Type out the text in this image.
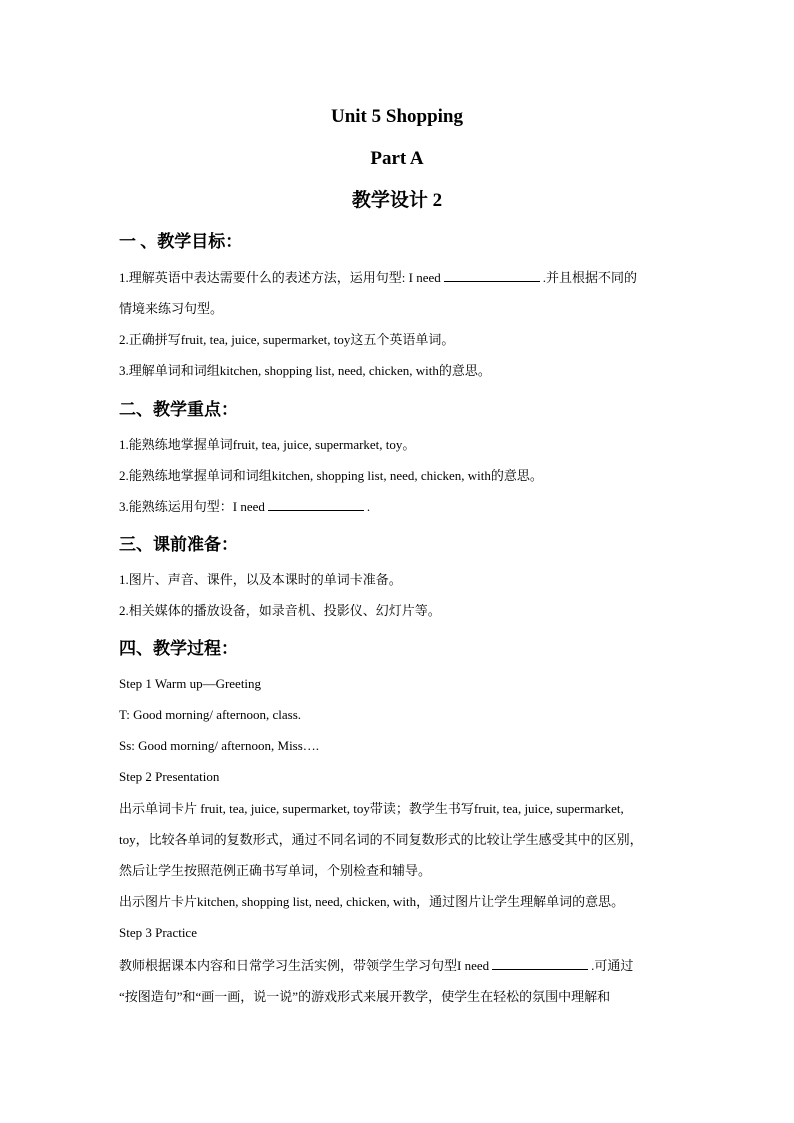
Unit 5 Shopping
Part A
教学设计 2
一 、教学目标：
1.理解英语中表达需要什么的表述方法，运用句型: I need	.并且根据不同的
情境来练习句型。
2.正确拼写fruit, tea, juice, supermarket, toy这五个英语单词。
3.理解单词和词组kitchen, shopping list, need, chicken, with的意思。
二、教学重点：
1.能熟练地掌握单词fruit, tea, juice, supermarket, toy。
2.能熟练地掌握单词和词组kitchen, shopping list, need, chicken, with的意思。
3.能熟练运用句型：I need	.
三、课前准备：
1.图片、声音、课件，以及本课时的单词卡准备。
2.相关媒体的播放设备，如录音机、投影仪、幻灯片等。
四、教学过程：
Step 1 Warm up—Greeting
T: Good morning/ afternoon, class.
Ss: Good morning/ afternoon, Miss….
Step 2 Presentation
出示单词卡片 fruit, tea, juice, supermarket, toy带读；教学生书写fruit, tea, juice, supermarket,
toy，比较各单词的复数形式，通过不同名词的不同复数形式的比较让学生感受其中的区别，
然后让学生按照范例正确书写单词，个别检查和辅导。
出示图片卡片kitchen, shopping list, need, chicken, with，通过图片让学生理解单词的意思。
Step 3 Practice
教师根据课本内容和日常学习生活实例，带领学生学习句型I need	.可通过
“按图造句”和“画一画，说一说”的游戏形式来展开教学，使学生在轻松的氛围中理解和
